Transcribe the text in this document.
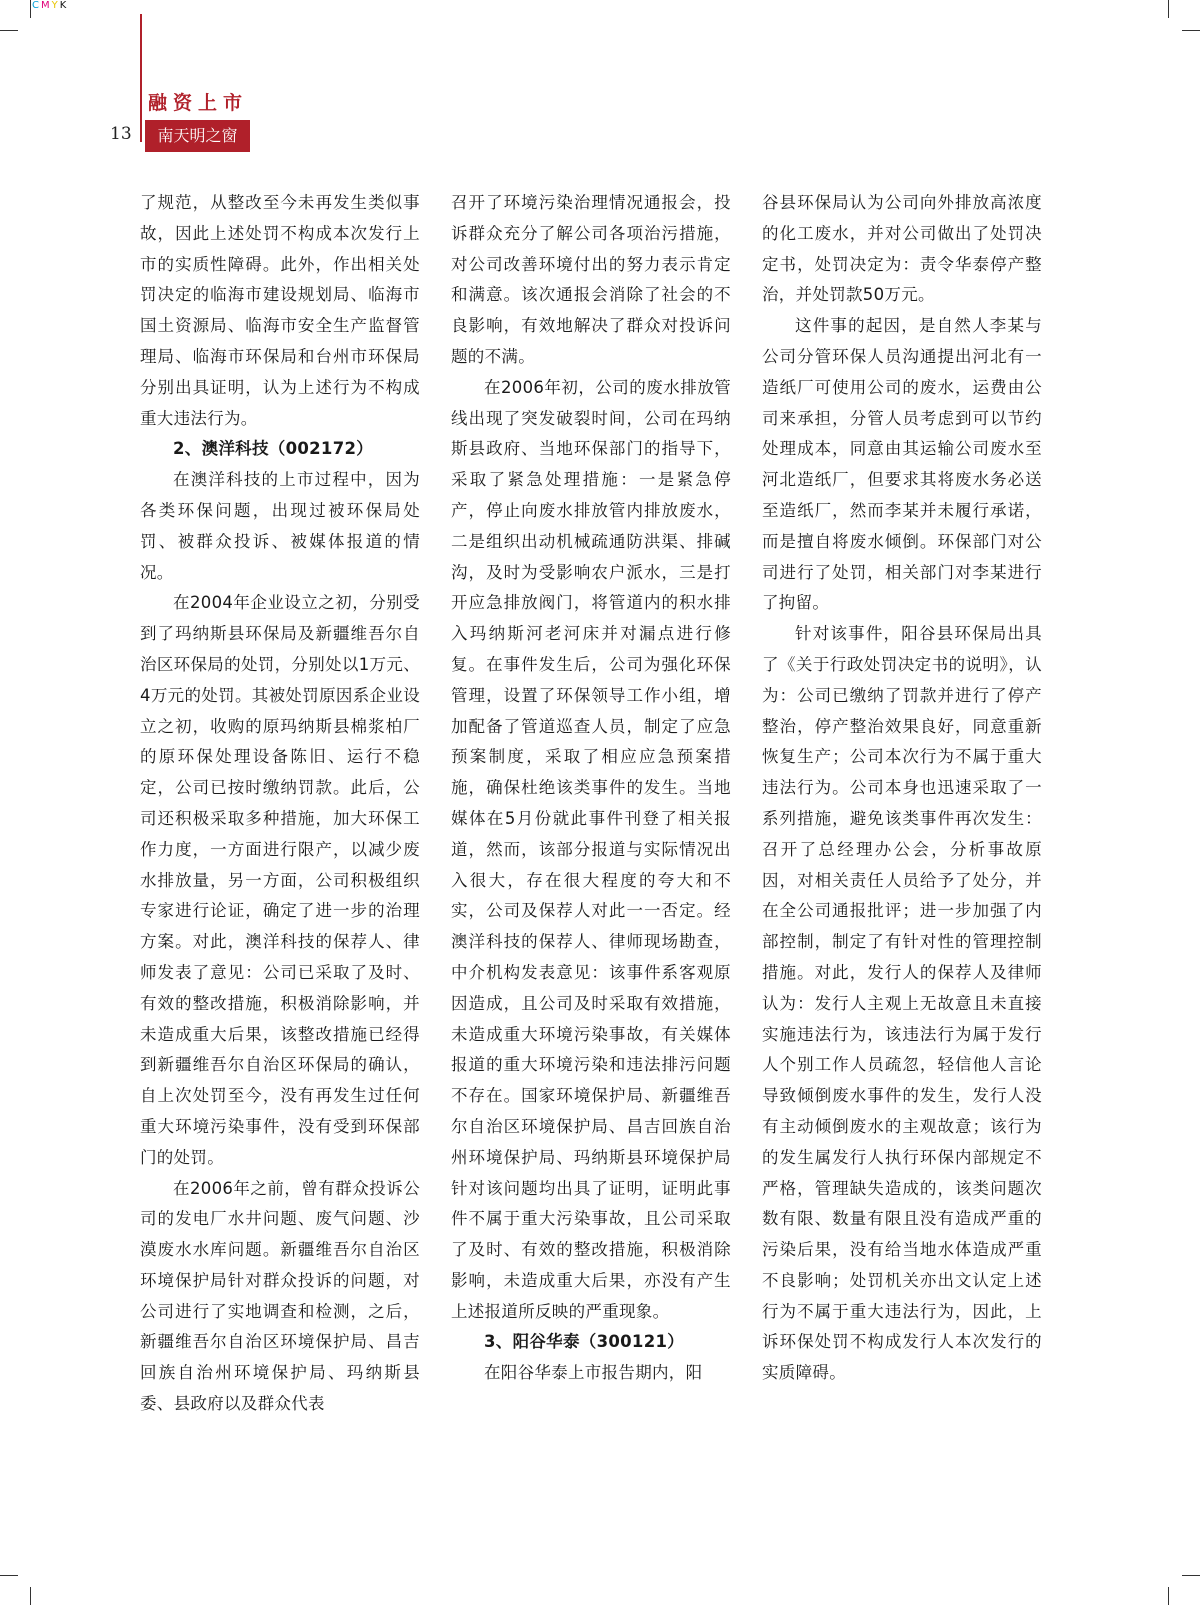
CMYK
融资上市
13	南天明之窗

了规范，从整改至今未再发生类似事故，因此上述处罚不构成本次发行上市的实质性障碍。此外，作出相关处罚决定的临海市建设规划局、临海市国土资源局、临海市安全生产监督管理局、临海市环保局和台州市环保局分别出具证明，认为上述行为不构成重大违法行为。

2、澳洋科技（002172）

在澳洋科技的上市过程中，因为各类环保问题，出现过被环保局处罚、被群众投诉、被媒体报道的情况。

在2004年企业设立之初，分别受到了玛纳斯县环保局及新疆维吾尔自治区环保局的处罚，分别处以1万元、4万元的处罚。其被处罚原因系企业设立之初，收购的原玛纳斯县棉浆柏厂的原环保处理设备陈旧、运行不稳定，公司已按时缴纳罚款。此后，公司还积极采取多种措施，加大环保工作力度，一方面进行限产，以减少废水排放量，另一方面，公司积极组织专家进行论证，确定了进一步的治理方案。对此，澳洋科技的保荐人、律师发表了意见：公司已采取了及时、有效的整改措施，积极消除影响，并未造成重大后果，该整改措施已经得到新疆维吾尔自治区环保局的确认，自上次处罚至今，没有再发生过任何重大环境污染事件，没有受到环保部门的处罚。

在2006年之前，曾有群众投诉公司的发电厂水井问题、废气问题、沙漠废水水库问题。新疆维吾尔自治区环境保护局针对群众投诉的问题，对公司进行了实地调查和检测，之后，新疆维吾尔自治区环境保护局、昌吉回族自治州环境保护局、玛纳斯县委、县政府以及群众代表

召开了环境污染治理情况通报会，投诉群众充分了解公司各项治污措施，对公司改善环境付出的努力表示肯定和满意。该次通报会消除了社会的不良影响，有效地解决了群众对投诉问题的不满。

在2006年初，公司的废水排放管线出现了突发破裂时间，公司在玛纳斯县政府、当地环保部门的指导下，采取了紧急处理措施：一是紧急停产，停止向废水排放管内排放废水，二是组织出动机械疏通防洪渠、排碱沟，及时为受影响农户派水，三是打开应急排放阀门，将管道内的积水排入玛纳斯河老河床并对漏点进行修复。在事件发生后，公司为强化环保管理，设置了环保领导工作小组，增加配备了管道巡查人员，制定了应急预案制度，采取了相应应急预案措施，确保杜绝该类事件的发生。当地媒体在5月份就此事件刊登了相关报道，然而，该部分报道与实际情况出入很大，存在很大程度的夸大和不实，公司及保荐人对此一一否定。经澳洋科技的保荐人、律师现场勘查，中介机构发表意见：该事件系客观原因造成，且公司及时采取有效措施，未造成重大环境污染事故，有关媒体报道的重大环境污染和违法排污问题不存在。国家环境保护局、新疆维吾尔自治区环境保护局、昌吉回族自治州环境保护局、玛纳斯县环境保护局针对该问题均出具了证明，证明此事件不属于重大污染事故，且公司采取了及时、有效的整改措施，积极消除影响，未造成重大后果，亦没有产生上述报道所反映的严重现象。

3、阳谷华泰（300121）

在阳谷华泰上市报告期内，阳

谷县环保局认为公司向外排放高浓度的化工废水，并对公司做出了处罚决定书，处罚决定为：责令华泰停产整治，并处罚款50万元。

这件事的起因，是自然人李某与公司分管环保人员沟通提出河北有一造纸厂可使用公司的废水，运费由公司来承担，分管人员考虑到可以节约处理成本，同意由其运输公司废水至河北造纸厂，但要求其将废水务必送至造纸厂，然而李某并未履行承诺，而是擅自将废水倾倒。环保部门对公司进行了处罚，相关部门对李某进行了拘留。

针对该事件，阳谷县环保局出具了《关于行政处罚决定书的说明》，认为：公司已缴纳了罚款并进行了停产整治，停产整治效果良好，同意重新恢复生产；公司本次行为不属于重大违法行为。公司本身也迅速采取了一系列措施，避免该类事件再次发生：召开了总经理办公会，分析事故原因，对相关责任人员给予了处分，并在全公司通报批评；进一步加强了内部控制，制定了有针对性的管理控制措施。对此，发行人的保荐人及律师认为：发行人主观上无故意且未直接实施违法行为，该违法行为属于发行人个别工作人员疏忽，轻信他人言论导致倾倒废水事件的发生，发行人没有主动倾倒废水的主观故意；该行为的发生属发行人执行环保内部规定不严格，管理缺失造成的，该类问题次数有限、数量有限且没有造成严重的污染后果，没有给当地水体造成严重不良影响；处罚机关亦出文认定上述行为不属于重大违法行为，因此，上诉环保处罚不构成发行人本次发行的实质障碍。
